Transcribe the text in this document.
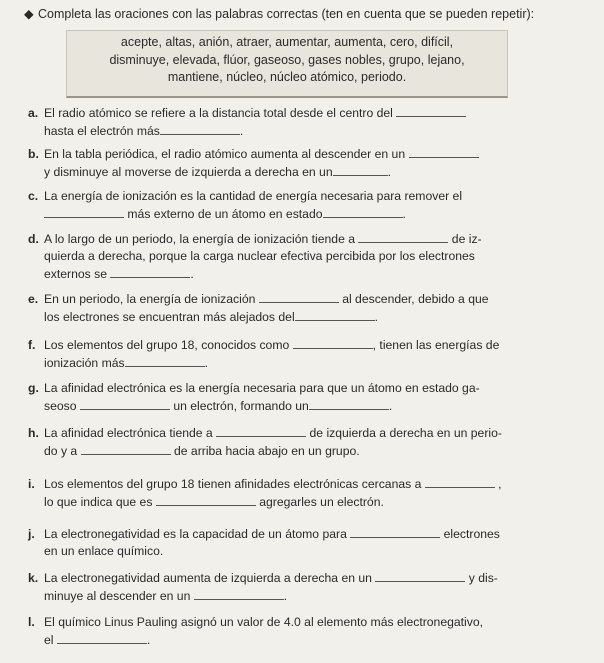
◆ Completa las oraciones con las palabras correctas (ten en cuenta que se pueden repetir):
acepte, altas, anión, atraer, aumentar, aumenta, cero, difícil,
disminuye, elevada, flúor, gaseoso, gases nobles, grupo, lejano,
mantiene, núcleo, núcleo atómico, periodo.
a. El radio atómico se refiere a la distancia total desde el centro del
hasta el electrón más	.
b. En la tabla periódica, el radio atómico aumenta al descender en un
y disminuye al moverse de izquierda a derecha en un	.
c. La energía de ionización es la cantidad de energía necesaria para remover el
más externo de un átomo en estado	.
d. A lo largo de un periodo, la energía de ionización tiende a	de iz-
quierda a derecha, porque la carga nuclear efectiva percibida por los electrones
externos se	.
e. En un periodo, la energía de ionización	al descender, debido a que
los electrones se encuentran más alejados del	.
f. Los elementos del grupo 18, conocidos como	, tienen las energías de
ionización más	.
g. La afinidad electrónica es la energía necesaria para que un átomo en estado ga-
seoso	un electrón, formando un	.
h. La afinidad electrónica tiende a	de izquierda a derecha en un perio-
do y a	de arriba hacia abajo en un grupo.
i. Los elementos del grupo 18 tienen afinidades electrónicas cercanas a	,
lo que indica que es	agregarles un electrón.
j. La electronegatividad es la capacidad de un átomo para	electrones
en un enlace químico.
k. La electronegatividad aumenta de izquierda a derecha en un	y dis-
minuye al descender en un	.
l. El químico Linus Pauling asignó un valor de 4.0 al elemento más electronegativo,
el	.
